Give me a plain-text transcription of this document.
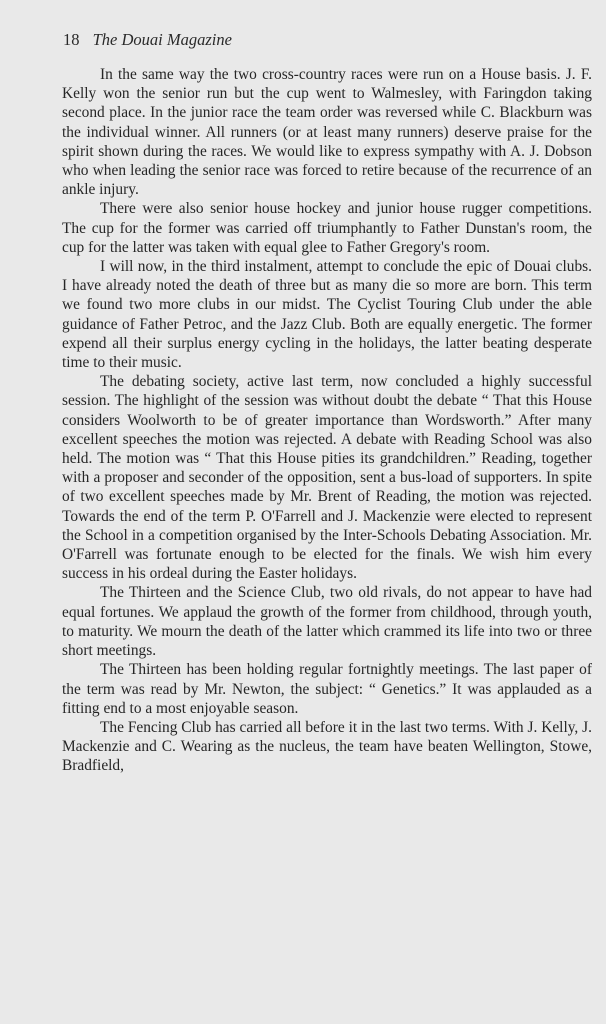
18 The Douai Magazine

In the same way the two cross-country races were run on a House basis. J. F. Kelly won the senior run but the cup went to Walmesley, with Faringdon taking second place. In the junior race the team order was reversed while C. Blackburn was the individual winner. All runners (or at least many runners) deserve praise for the spirit shown during the races. We would like to express sympathy with A. J. Dobson who when leading the senior race was forced to retire because of the recurrence of an ankle injury.

There were also senior house hockey and junior house rugger competitions. The cup for the former was carried off triumphantly to Father Dunstan's room, the cup for the latter was taken with equal glee to Father Gregory's room.

I will now, in the third instalment, attempt to conclude the epic of Douai clubs. I have already noted the death of three but as many die so more are born. This term we found two more clubs in our midst. The Cyclist Touring Club under the able guidance of Father Petroc, and the Jazz Club. Both are equally energetic. The former expend all their surplus energy cycling in the holidays, the latter beating desperate time to their music.

The debating society, active last term, now concluded a highly successful session. The highlight of the session was without doubt the debate “ That this House considers Woolworth to be of greater importance than Wordsworth.” After many excellent speeches the motion was rejected. A debate with Reading School was also held. The motion was “ That this House pities its grandchildren.” Reading, together with a proposer and seconder of the opposition, sent a bus-load of supporters. In spite of two excellent speeches made by Mr. Brent of Reading, the motion was rejected. Towards the end of the term P. O'Farrell and J. Mackenzie were elected to represent the School in a competition organised by the Inter-Schools Debating Association. Mr. O'Farrell was fortunate enough to be elected for the finals. We wish him every success in his ordeal during the Easter holidays.

The Thirteen and the Science Club, two old rivals, do not appear to have had equal fortunes. We applaud the growth of the former from childhood, through youth, to maturity. We mourn the death of the latter which crammed its life into two or three short meetings.

The Thirteen has been holding regular fortnightly meetings. The last paper of the term was read by Mr. Newton, the subject: “ Genetics.” It was applauded as a fitting end to a most enjoyable season.

The Fencing Club has carried all before it in the last two terms. With J. Kelly, J. Mackenzie and C. Wearing as the nucleus, the team have beaten Wellington, Stowe, Bradfield,
